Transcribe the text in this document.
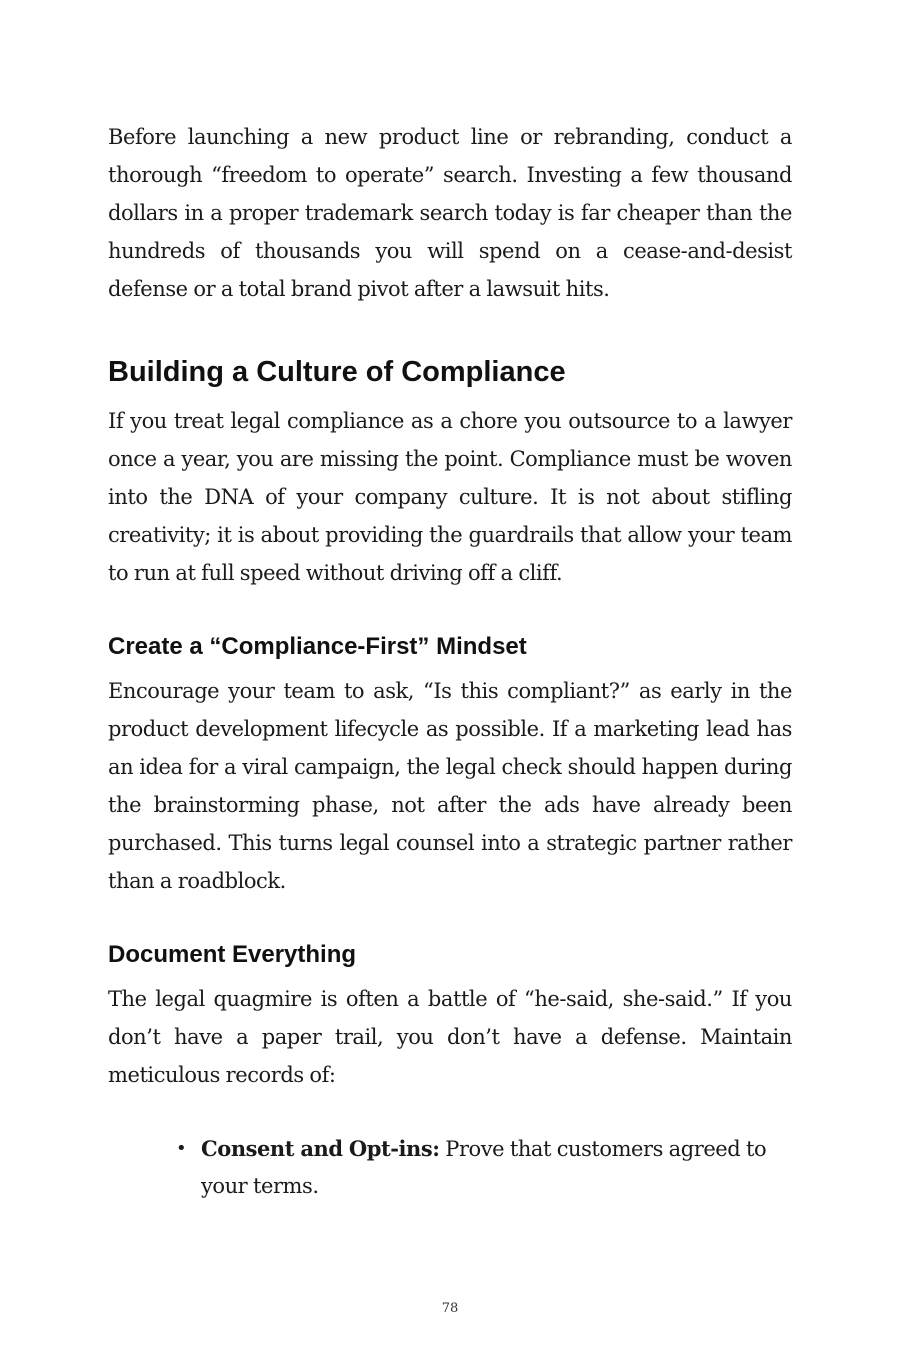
Before launching a new product line or rebranding, conduct a thorough “freedom to operate” search. Investing a few thousand dollars in a proper trademark search today is far cheaper than the hundreds of thousands you will spend on a cease-and-desist defense or a total brand pivot after a lawsuit hits.

Building a Culture of Compliance

If you treat legal compliance as a chore you outsource to a lawyer once a year, you are missing the point. Compliance must be woven into the DNA of your company culture. It is not about stifling creativity; it is about providing the guardrails that allow your team to run at full speed without driving off a cliff.

Create a “Compliance-First” Mindset

Encourage your team to ask, “Is this compliant?” as early in the product development lifecycle as possible. If a marketing lead has an idea for a viral campaign, the legal check should happen during the brainstorming phase, not after the ads have already been purchased. This turns legal counsel into a strategic partner rather than a roadblock.

Document Everything

The legal quagmire is often a battle of “he-said, she-said.” If you don’t have a paper trail, you don’t have a defense. Maintain meticulous records of:

• Consent and Opt-ins: Prove that customers agreed to your terms.
78
